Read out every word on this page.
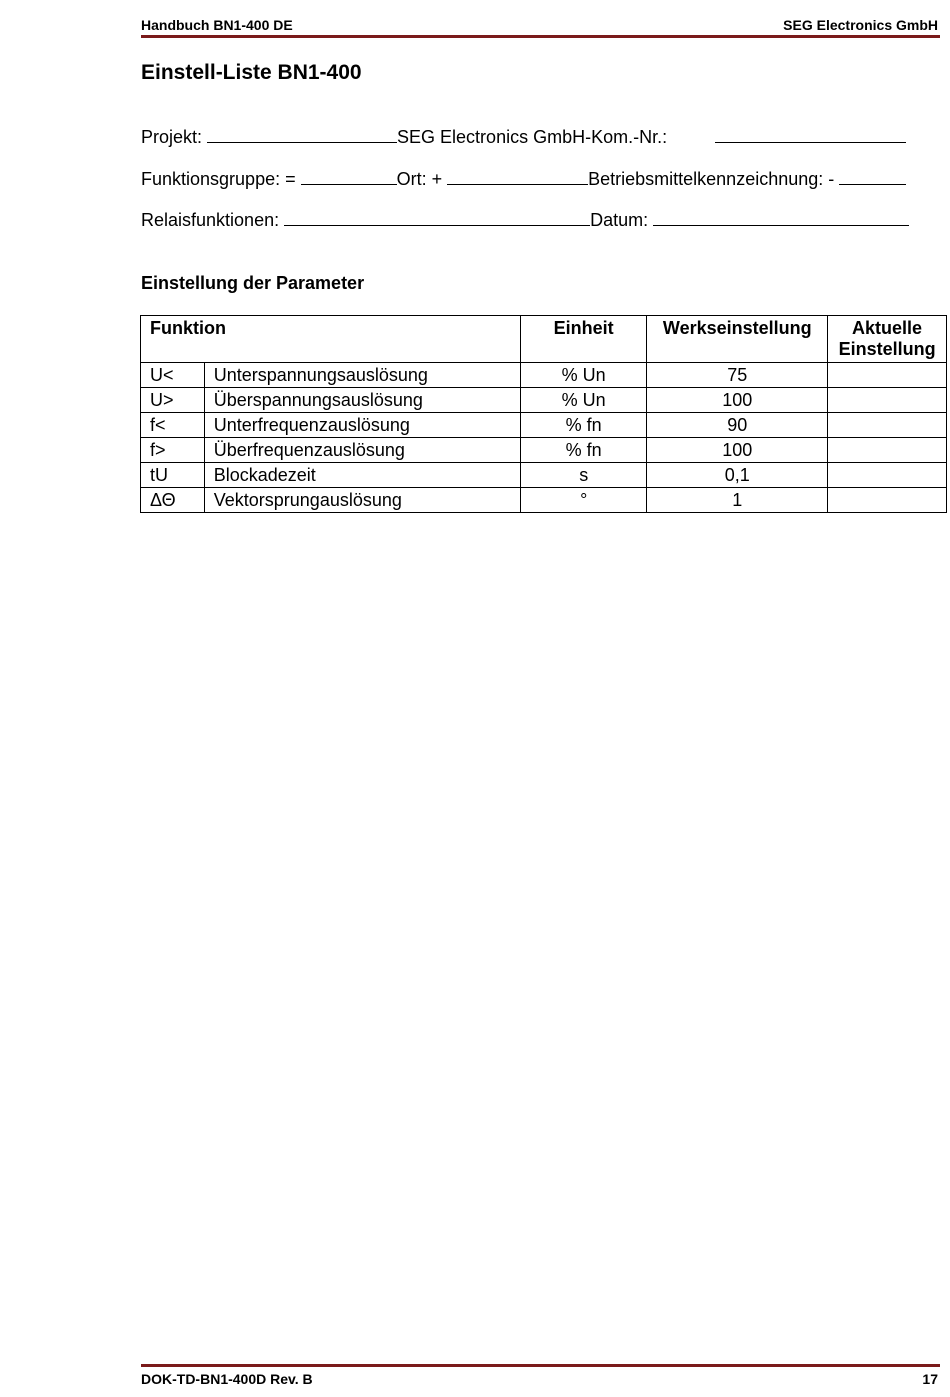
Handbuch BN1-400 DE	SEG Electronics GmbH
Einstell-Liste BN1-400
Projekt:	SEG Electronics GmbH-Kom.-Nr.:
Funktionsgruppe: =	Ort: +	Betriebsmittelkennzeichnung: -
Relaisfunktionen:	Datum:
Einstellung der Parameter
Funktion		Einheit	Werkseinstellung	Aktuelle
Einstellung
U<	Unterspannungsauslösung	% Un	75	
U>	Überspannungsauslösung	% Un	100	
f<	Unterfrequenzauslösung	% fn	90	
f>	Überfrequenzauslösung	% fn	100	
tU	Blockadezeit	s	0,1	
ΔΘ	Vektorsprungauslösung	°	1	
DOK-TD-BN1-400D Rev. B	17
